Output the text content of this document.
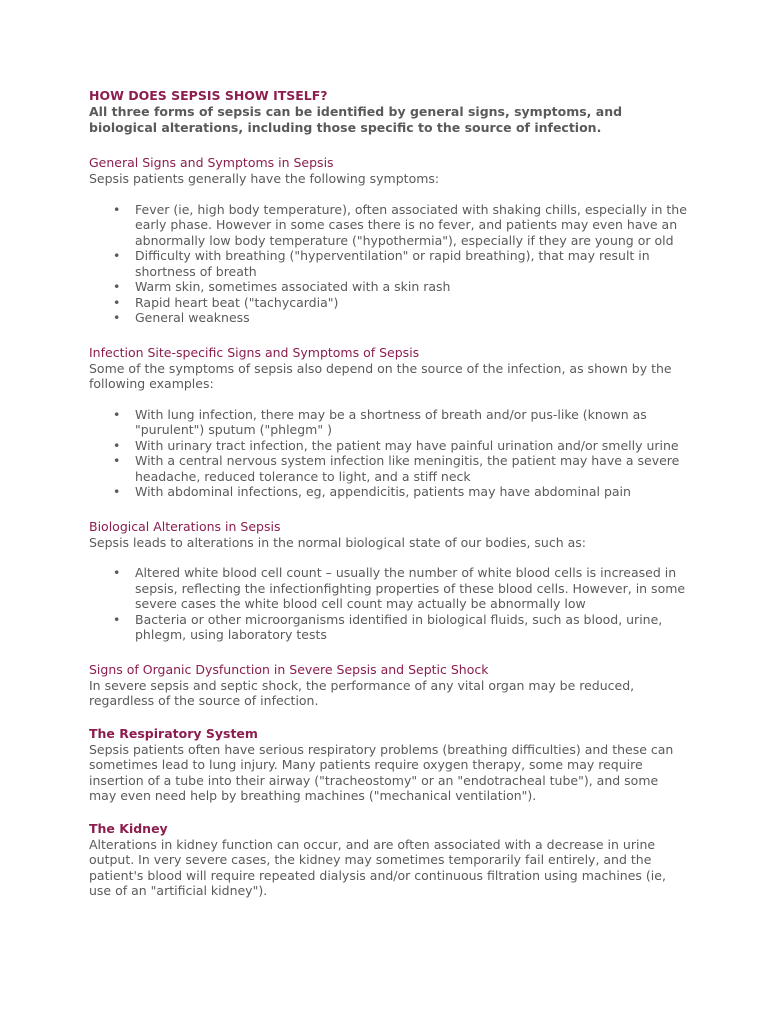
HOW DOES SEPSIS SHOW ITSELF?

All three forms of sepsis can be identified by general signs, symptoms, and biological alterations, including those specific to the source of infection.

General Signs and Symptoms in Sepsis

Sepsis patients generally have the following symptoms:

• Fever (ie, high body temperature), often associated with shaking chills, especially in the early phase. However in some cases there is no fever, and patients may even have an abnormally low body temperature ("hypothermia"), especially if they are young or old
• Difficulty with breathing ("hyperventilation" or rapid breathing), that may result in shortness of breath
• Warm skin, sometimes associated with a skin rash
• Rapid heart beat ("tachycardia")
• General weakness
Infection Site-specific Signs and Symptoms of Sepsis

Some of the symptoms of sepsis also depend on the source of the infection, as shown by the following examples:

• With lung infection, there may be a shortness of breath and/or pus-like (known as "purulent") sputum ("phlegm" )
• With urinary tract infection, the patient may have painful urination and/or smelly urine
• With a central nervous system infection like meningitis, the patient may have a severe headache, reduced tolerance to light, and a stiff neck
• With abdominal infections, eg, appendicitis, patients may have abdominal pain
Biological Alterations in Sepsis

Sepsis leads to alterations in the normal biological state of our bodies, such as:

• Altered white blood cell count – usually the number of white blood cells is increased in sepsis, reflecting the infectionfighting properties of these blood cells. However, in some severe cases the white blood cell count may actually be abnormally low
• Bacteria or other microorganisms identified in biological fluids, such as blood, urine, phlegm, using laboratory tests
Signs of Organic Dysfunction in Severe Sepsis and Septic Shock

In severe sepsis and septic shock, the performance of any vital organ may be reduced, regardless of the source of infection.

The Respiratory System

Sepsis patients often have serious respiratory problems (breathing difficulties) and these can sometimes lead to lung injury. Many patients require oxygen therapy, some may require insertion of a tube into their airway ("tracheostomy" or an "endotracheal tube"), and some may even need help by breathing machines ("mechanical ventilation").

The Kidney

Alterations in kidney function can occur, and are often associated with a decrease in urine output. In very severe cases, the kidney may sometimes temporarily fail entirely, and the patient's blood will require repeated dialysis and/or continuous filtration using machines (ie, use of an "artificial kidney").
